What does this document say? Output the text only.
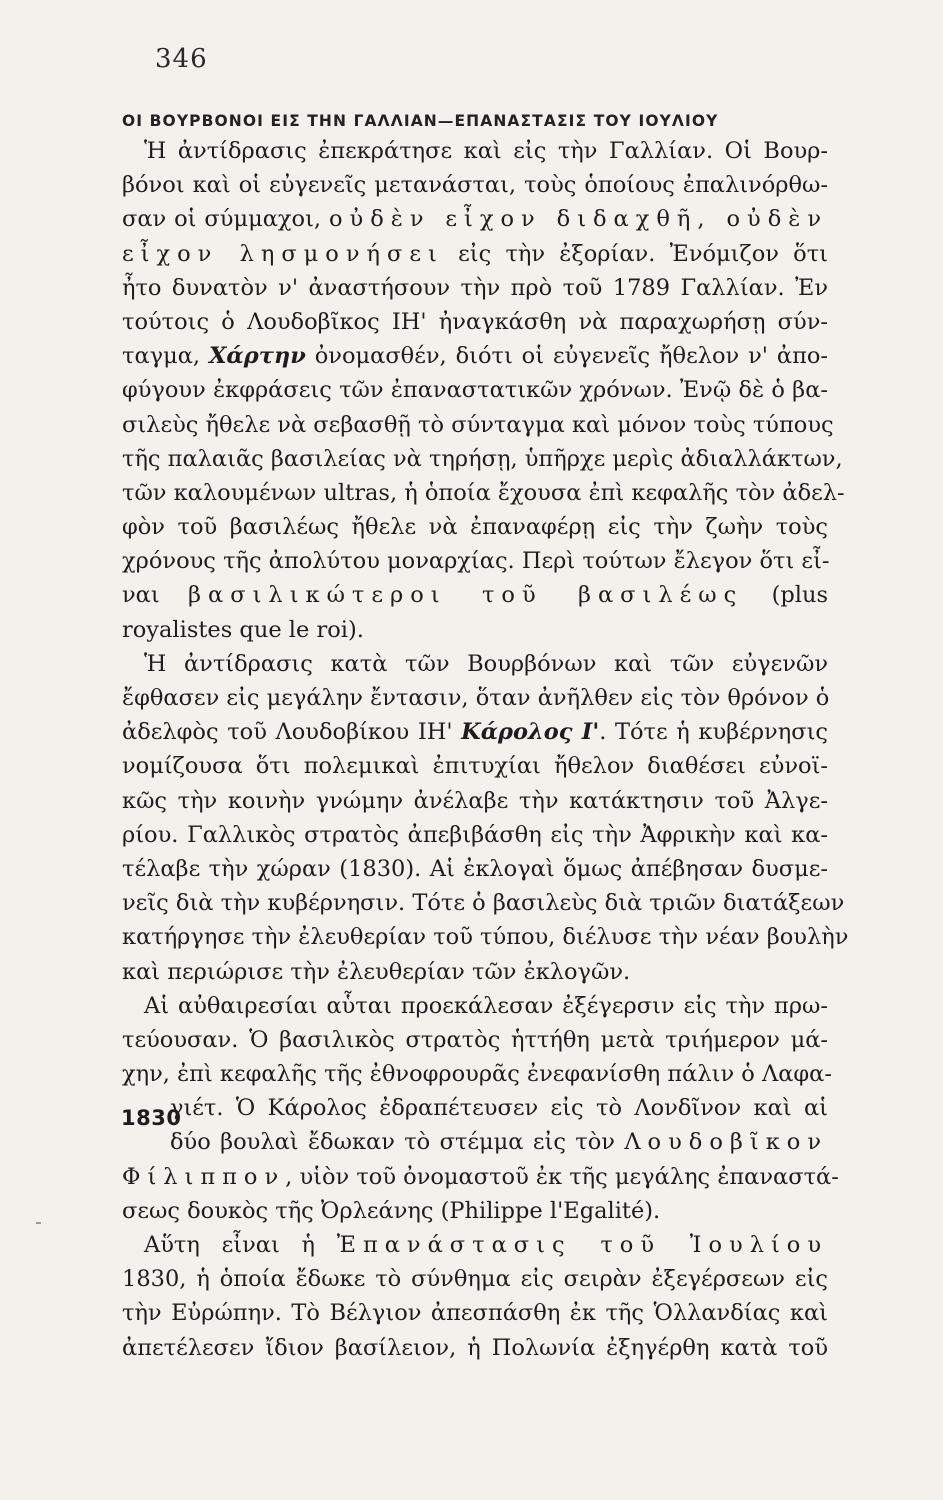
346
ΟΙ ΒΟΥΡΒΟΝΟΙ ΕΙΣ ΤΗΝ ΓΑΛΛΙΑΝ—ΕΠΑΝΑΣΤΑΣΙΣ ΤΟΥ ΙΟΥΛΙΟΥ
1830
Ἡ ἀντίδρασις ἐπεκράτησε καὶ εἰς τὴν Γαλλίαν. Οἱ Βουρ-
βόνοι καὶ οἱ εὐγενεῖς μετανάσται, τοὺς ὁποίους ἐπαλινόρθω-
σαν οἱ σύμμαχοι, οὐδὲν εἶχον διδαχθῆ, οὐδὲν
εἶχον λησμονήσει εἰς τὴν ἐξορίαν. Ἐνόμιζον ὅτι
ἦτο δυνατὸν ν' ἀναστήσουν τὴν πρὸ τοῦ 1789 Γαλλίαν. Ἐν
τούτοις ὁ Λουδοβῖκος ΙΗ' ἠναγκάσθη νὰ παραχωρήσῃ σύν-
ταγμα, Χάρτην ὀνομασθέν, διότι οἱ εὐγενεῖς ἤθελον ν' ἀπο-
φύγουν ἐκφράσεις τῶν ἐπαναστατικῶν χρόνων. Ἐνῷ δὲ ὁ βα-
σιλεὺς ἤθελε νὰ σεβασθῇ τὸ σύνταγμα καὶ μόνον τοὺς τύπους
τῆς παλαιᾶς βασιλείας νὰ τηρήσῃ, ὑπῆρχε μερὶς ἀδιαλλάκτων,
τῶν καλουμένων ultras, ἡ ὁποία ἔχουσα ἐπὶ κεφαλῆς τὸν ἀδελ-
φὸν τοῦ βασιλέως ἤθελε νὰ ἐπαναφέρῃ εἰς τὴν ζωὴν τοὺς
χρόνους τῆς ἀπολύτου μοναρχίας. Περὶ τούτων ἔλεγον ὅτι εἶ-
ναι βασιλικώτεροι τοῦ βασιλέως (plus
royalistes que le roi).
Ἡ ἀντίδρασις κατὰ τῶν Βουρβόνων καὶ τῶν εὐγενῶν
ἔφθασεν εἰς μεγάλην ἔντασιν, ὅταν ἀνῆλθεν εἰς τὸν θρόνον ὁ
ἀδελφὸς τοῦ Λουδοβίκου ΙΗ' Κάρολος Ι'. Τότε ἡ κυβέρνησις
νομίζουσα ὅτι πολεμικαὶ ἐπιτυχίαι ἤθελον διαθέσει εὐνοϊ-
κῶς τὴν κοινὴν γνώμην ἀνέλαβε τὴν κατάκτησιν τοῦ Ἀλγε-
ρίου. Γαλλικὸς στρατὸς ἀπεβιβάσθη εἰς τὴν Ἀφρικὴν καὶ κα-
τέλαβε τὴν χώραν (1830). Αἱ ἐκλογαὶ ὅμως ἀπέβησαν δυσμε-
νεῖς διὰ τὴν κυβέρνησιν. Τότε ὁ βασιλεὺς διὰ τριῶν διατάξεων
κατήργησε τὴν ἐλευθερίαν τοῦ τύπου, διέλυσε τὴν νέαν βουλὴν
καὶ περιώρισε τὴν ἐλευθερίαν τῶν ἐκλογῶν.
Αἱ αὐθαιρεσίαι αὗται προεκάλεσαν ἐξέγερσιν εἰς τὴν πρω-
τεύουσαν. Ὁ βασιλικὸς στρατὸς ἡττήθη μετὰ τριήμερον μά-
χην, ἐπὶ κεφαλῆς τῆς ἐθνοφρουρᾶς ἐνεφανίσθη πάλιν ὁ Λαφα-
γιέτ. Ὁ Κάρολος ἐδραπέτευσεν εἰς τὸ Λονδῖνον καὶ αἱ
δύο βουλαὶ ἔδωκαν τὸ στέμμα εἰς τὸν Λουδοβῖκον
Φίλιππον, υἱὸν τοῦ ὀνομαστοῦ ἐκ τῆς μεγάλης ἐπαναστά-
σεως δουκὸς τῆς Ὀρλεάνης (Philippe l'Egalité).
Αὕτη εἶναι ἡ Ἐπανάστασις τοῦ Ἰουλίου
1830, ἡ ὁποία ἔδωκε τὸ σύνθημα εἰς σειρὰν ἐξεγέρσεων εἰς
τὴν Εὐρώπην. Τὸ Βέλγιον ἀπεσπάσθη ἐκ τῆς Ὁλλανδίας καὶ
ἀπετέλεσεν ἴδιον βασίλειον, ἡ Πολωνία ἐξηγέρθη κατὰ τοῦ
